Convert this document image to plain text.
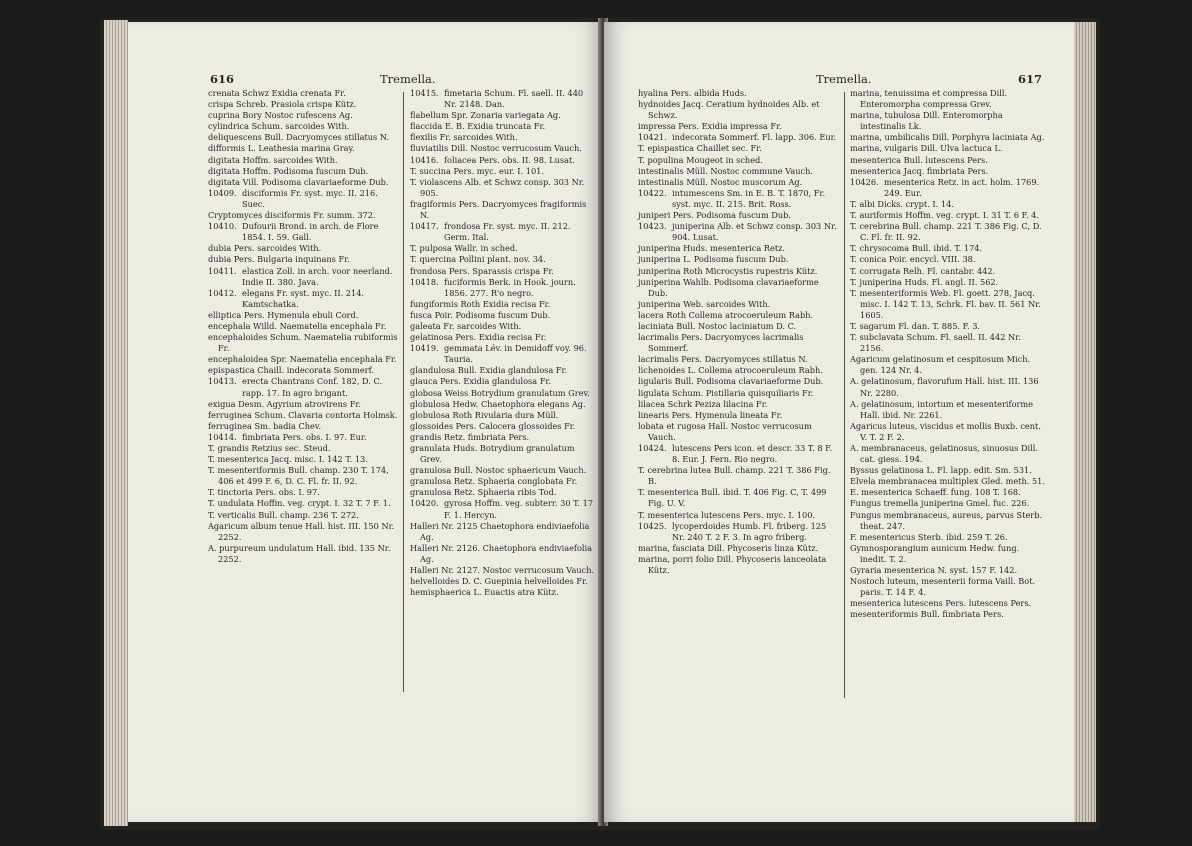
616	Tremella.
crenata Schwz Exidia crenata Fr.
crispa Schreb. Prasiola crispa Kütz.
cuprina Bory Nostoc rufescens Ag.
cylindrica Schum. sarcoides With.
deliquescens Bull. Dacryomyces stillatus N.
difformis L. Leathesia marina Gray.
digitata Hoffm. sarcoides With.
digitata Hoffm. Podisoma fuscum Dub.
digitata Vill. Podisoma clavariaeforme Dub.
10409. disciformis Fr. syst. myc. II. 216. Suec.
Cryptomyces disciformis Fr. summ. 372.
10410. Dufourii Brond. in arch. de Flore 1854. I. 59. Gall.
dubia Pers. sarcoides With.
dubia Pers. Bulgaria inquinans Fr.
10411. elastica Zoll. in arch. voor neerland. Indie II. 380. Java.
10412. elegans Fr. syst. myc. II. 214. Kamtschatka.
elliptica Pers. Hymenula ebuli Cord.
encephala Willd. Naematelia encephala Fr.
encephaloides Schum. Naematelia rubiformis Fr.
encephaloidea Spr. Naematelia encephala Fr.
epispastica Chaill. indecorata Sommerf.
10413. erecta Chantrans Conf. 182, D. C. rapp. 17. In agro brigant.
exigua Desm. Agyrium atrovirens Fr.
ferruginea Schum. Clavaria contorta Holmsk.
ferruginea Sm. badia Chev.
10414. fimbriata Pers. obs. I. 97. Eur.
T. grandis Retzius sec. Steud.
T. mesenterica Jacq. misc. I. 142 T. 13.
T. mesenteriformis Bull. champ. 230 T. 174, 406 et 499 F. 6, D. C. Fl. fr. II. 92.
T. tinctoria Pers. obs. I. 97.
T. undulata Hoffm. veg. crypt. I. 32 T. 7 F. 1.
T. verticalis Bull. champ. 236 T. 272.
Agaricum album tenue Hall. hist. III. 150 Nr. 2252.
A. purpureum undulatum Hall. ibid. 135 Nr. 2252.
10415. fimetaria Schum. Fl. saell. II. 440 Nr. 2148. Dan.
flabellum Spr. Zonaria variegata Ag.
flaccida E. B. Exidia truncata Fr.
flexilis Fr. sarcoides With.
fluviatilis Dill. Nostoc verrucosum Vauch.
10416. foliacea Pers. obs. II. 98. Lusat.
T. succina Pers. myc. eur. I. 101.
T. violascens Alb. et Schwz consp. 303 Nr. 905.
fragiformis Pers. Dacryomyces fragiformis N.
10417. frondosa Fr. syst. myc. II. 212. Germ. Ital.
T. pulposa Wallr. in sched.
T. quercina Pollini plant. nov. 34.
frondosa Pers. Sparassis crispa Fr.
10418. fuciformis Berk. in Hook. journ. 1856. 277. R'o negro.
fungiformis Roth Exidia recisa Fr.
fusca Poir. Podisoma fuscum Dub.
galeata Fr. sarcoides With.
gelatinosa Pers. Exidia recisa Fr.
10419. gemmata Lév. in Demidoff voy. 96. Tauria.
glandulosa Bull. Exidia glandulosa Fr.
glauca Pers. Exidia glandulosa Fr.
globosa Weiss Botrydium granulatum Grev.
globulosa Hedw. Chaetophora elegans Ag.
globulosa Roth Rivularia dura Müll.
glossoides Pers. Calocera glossoides Fr.
grandis Retz. fimbriata Pers.
granulata Huds. Botrydium granulatum Grev.
granulosa Bull. Nostoc sphaericum Vauch.
granulosa Retz. Sphaeria conglobata Fr.
granulosa Retz. Sphaeria ribis Tod.
10420. gyrosa Hoffm. veg. subterr. 30 T. 17 F. 1. Hercyn.
Halleri Nr. 2125 Chaetophora endiviaefolia Ag.
Halleri Nr. 2126. Chaetophora endiviaefolia Ag.
Halleri Nr. 2127. Nostoc verrucosum Vauch.
helvelloides D. C. Guepinia helvelloides Fr.
hemisphaerica L. Euactis atra Kütz.
Tremella.	617
hyalina Pers. albida Huds.
hydnoides Jacq. Ceratium hydnoides Alb. et Schwz.
impressa Pers. Exidia impressa Fr.
10421. indecorata Sommerf. Fl. lapp. 306. Eur.
T. epispastica Chaillet sec. Fr.
T. populina Mougeot in sched.
intestinalis Müll. Nostoc commune Vauch.
intestinalis Müll. Nostoc muscorum Ag.
10422. intumescens Sm. in E. B. T. 1870, Fr. syst. myc. II. 215. Brit. Ross.
juniperi Pers. Podisoma fuscum Dub.
10423. juniperina Alb. et Schwz consp. 303 Nr. 904. Lusat.
juniperina Huds. mesenterica Retz.
juniperina L. Podisoma fuscum Dub.
juniperina Roth Microcystis rupestris Kütz.
juniperina Wahlb. Podisoma clavariaeforme Dub.
juniperina Web. sarcoides With.
lacera Roth Collema atrocoeruleum Rabh.
laciniata Bull. Nostoc laciniatum D. C.
lacrimalis Pers. Dacryomyces lacrimalis Sommerf.
lacrimalis Pers. Dacryomyces stillatus N.
lichenoides L. Collema atrocoeruleum Rabh.
ligularis Bull. Podisoma clavariaeforme Dub.
ligulata Schum. Pistillaria quisquiliaris Fr.
lilacea Schrk Peziza lilacina Fr.
linearis Pers. Hymenula lineata Fr.
lobata et rugosa Hall. Nostoc verrucosum Vauch.
10424. lutescens Pers icon. et descr. 33 T. 8 F. 8. Eur. J. Fern. Rio negro.
T. cerebrina lutea Bull. champ. 221 T. 386 Fig. B.
T. mesenterica Bull. ibid. T. 406 Fig. C, T. 499 Fig. U. V.
T. mesenterica lutescens Pers. myc. I. 100.
10425. lycoperdoides Humb. Fl. friberg. 125 Nr. 240 T. 2 F. 3. In agro friberg.
marina, fasciata Dill. Phycoseris linza Kütz.
marina, porri folio Dill. Phycoseris lanceolata Kütz.
marina, tenuissima et compressa Dill. Enteromorpha compressa Grev.
marina, tubulosa Dill. Enteromorpha intestinalis Lk.
marina, umbilicalis Dill. Porphyra laciniata Ag.
marina, vulgaris Dill. Ulva lactuca L.
mesenterica Bull. lutescens Pers.
mesenterica Jacq. fimbriata Pers.
10426. mesenterica Retz. in act. holm. 1769. 249. Eur.
T. albi Dicks. crypt. I. 14.
T. auriformis Hoffm. veg. crypt. I. 31 T. 6 F. 4.
T. cerebrina Bull. champ. 221 T. 386 Fig. C, D. C. Fl. fr. II. 92.
T. chrysocoma Bull. ibid. T. 174.
T. conica Poir. encycl. VIII. 38.
T. corrugata Relh. Fl. cantabr. 442.
T. juniperina Huds. Fl. angl. II. 562.
T. mesenteriformis Web. Fl. goett. 278, Jacq. misc. I. 142 T. 13, Schrk. Fl. bav. II. 561 Nr. 1605.
T. sagarum Fl. dan. T. 885. F. 3.
T. subclavata Schum. Fl. saell. II. 442 Nr. 2156.
Agaricum gelatinosum et cespitosum Mich. gen. 124 Nr. 4.
A. gelatinosum, flavorufum Hall. hist. III. 136 Nr. 2280.
A. gelatinosum, intortum et mesenteriforme Hall. ibid. Nr. 2261.
Agaricus luteus, viscidus et mollis Buxb. cent. V. T. 2 F. 2.
A. membranaceus, gelatinosus, sinuosus Dill. cat. giess. 194.
Byssus gelatinosa L. Fl. lapp. edit. Sm. 531.
Elvela membranacea multiplex Gled. meth. 51.
E. mesenterica Schaeff. fung. 108 T. 168.
Fungus tremella juniperina Gmel. fuc. 226.
Fungus membranaceus, aureus, parvus Sterb. theat. 247.
F. mesentericus Sterb. ibid. 259 T. 26.
Gymnosporangium aunicum Hedw. fung. inedit. T. 2.
Gyraria mesenterica N. syst. 157 F. 142.
Nostoch luteum, mesenterii forma Vaill. Bot. paris. T. 14 F. 4.
mesenterica lutescens Pers. lutescens Pers.
mesenteriformis Bull. fimbriata Pers.
